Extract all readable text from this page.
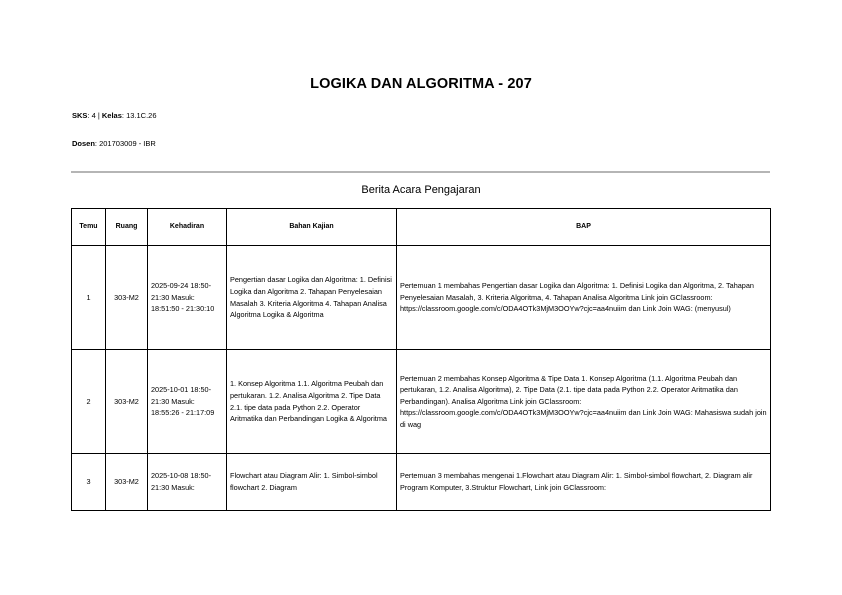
LOGIKA DAN ALGORITMA - 207
SKS: 4 | Kelas: 13.1C.26
Dosen: 201703009 - IBR
Berita Acara Pengajaran
Temu	Ruang	Kehadiran	Bahan Kajian	BAP
1	303-M2	2025-09-24 18:50-21:30 Masuk: 18:51:50 - 21:30:10	Pengertian dasar Logika dan Algoritma: 1. Definisi Logika dan Algoritma 2. Tahapan Penyelesaian Masalah 3. Kriteria Algoritma 4. Tahapan Analisa Algoritma Logika & Algoritma	Pertemuan 1 membahas Pengertian dasar Logika dan Algoritma: 1. Definisi Logika dan Algoritma, 2. Tahapan Penyelesaian Masalah, 3. Kriteria Algoritma, 4. Tahapan Analisa Algoritma Link join GClassroom: https://classroom.google.com/c/ODA4OTk3MjM3OOYw?cjc=aa4nuiim dan Link Join WAG: (menyusul)
2	303-M2	2025-10-01 18:50-21:30 Masuk: 18:55:26 - 21:17:09	1. Konsep Algoritma 1.1. Algoritma Peubah dan pertukaran. 1.2. Analisa Algoritma 2. Tipe Data 2.1. tipe data pada Python 2.2. Operator Aritmatika dan Perbandingan Logika & Algoritma	Pertemuan 2 membahas Konsep Algoritma & Tipe Data 1. Konsep Algoritma (1.1. Algoritma Peubah dan pertukaran, 1.2. Analisa Algoritma), 2. Tipe Data (2.1. tipe data pada Python 2.2. Operator Aritmatika dan Perbandingan). Analisa Algoritma Link join GClassroom: https://classroom.google.com/c/ODA4OTk3MjM3OOYw?cjc=aa4nuiim dan Link Join WAG: Mahasiswa sudah join di wag
3	303-M2	2025-10-08 18:50-21:30 Masuk:	Flowchart atau Diagram Alir: 1. Simbol-simbol flowchart 2. Diagram	Pertemuan 3 membahas mengenai 1.Flowchart atau Diagram Alir: 1. Simbol-simbol flowchart, 2. Diagram alir Program Komputer, 3.Struktur Flowchart, Link join GClassroom:
